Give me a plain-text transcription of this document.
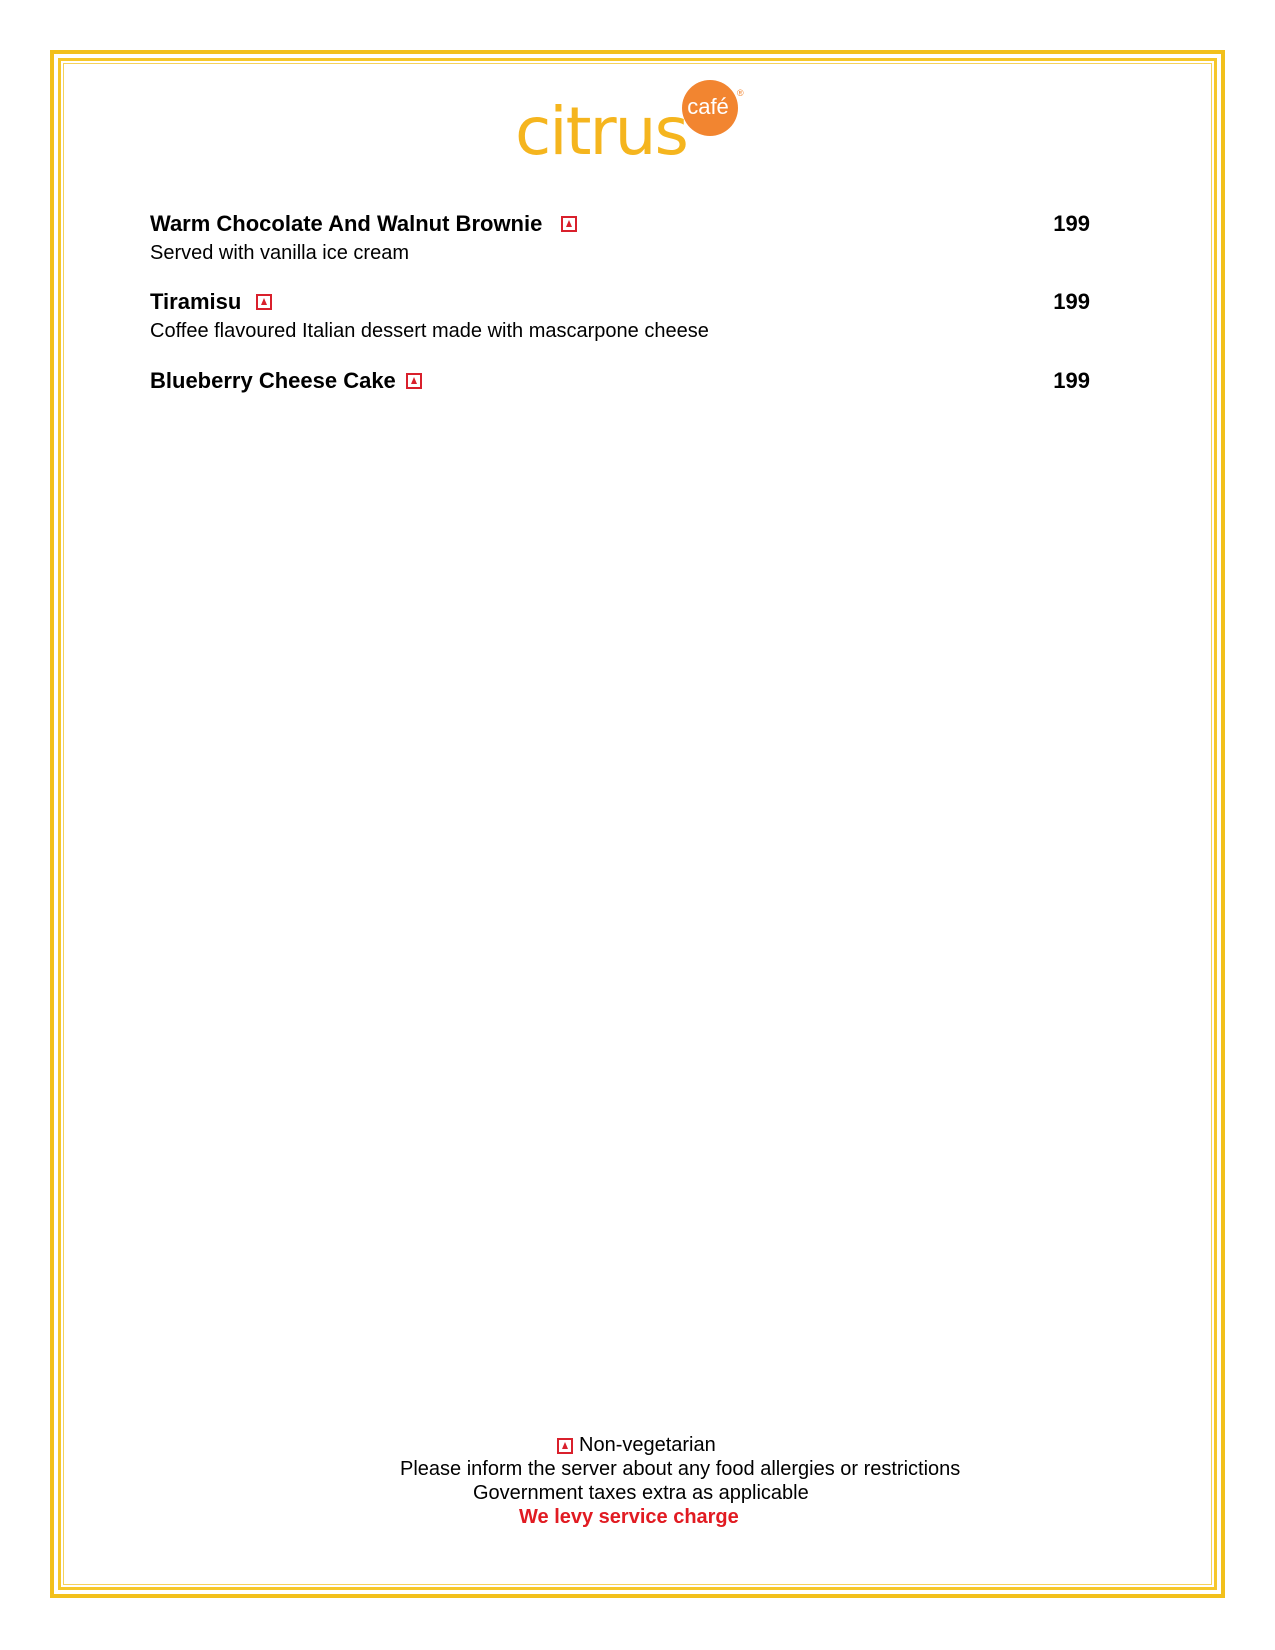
café
®
citrus
Warm Chocolate And Walnut Brownie	199
Served with vanilla ice cream
Tiramisu	199
Coffee flavoured Italian dessert made with mascarpone cheese
Blueberry Cheese Cake	199
Non-vegetarian
Please inform the server about any food allergies or restrictions
Government taxes extra as applicable
We levy service charge
